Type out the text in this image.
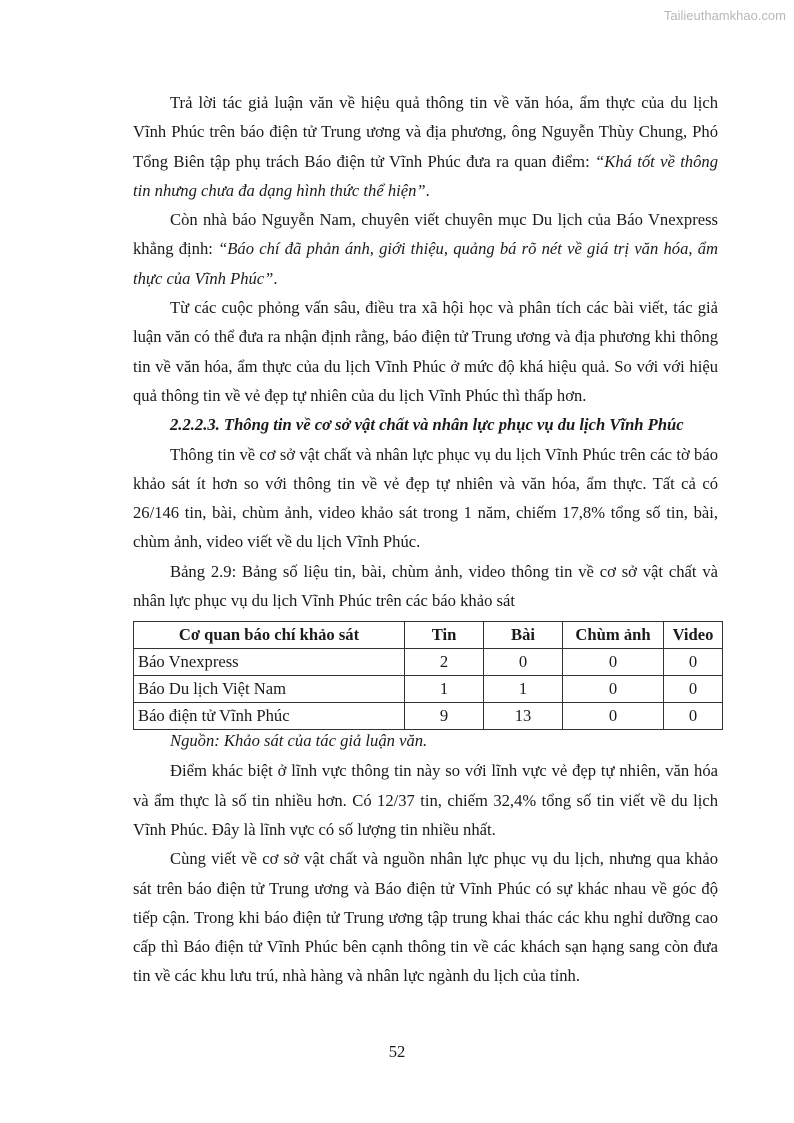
Tailieuthamkhao.com

Trả lời tác giả luận văn về hiệu quả thông tin về văn hóa, ẩm thực của du lịch Vĩnh Phúc trên báo điện tử Trung ương và địa phương, ông Nguyễn Thùy Chung, Phó Tổng Biên tập phụ trách Báo điện tử Vĩnh Phúc đưa ra quan điểm: “Khá tốt về thông tin nhưng chưa đa dạng hình thức thể hiện”.

Còn nhà báo Nguyễn Nam, chuyên viết chuyên mục Du lịch của Báo Vnexpress khẳng định: “Báo chí đã phản ánh, giới thiệu, quảng bá rõ nét về giá trị văn hóa, ẩm thực của Vĩnh Phúc”.

Từ các cuộc phỏng vấn sâu, điều tra xã hội học và phân tích các bài viết, tác giả luận văn có thể đưa ra nhận định rằng, báo điện tử Trung ương và địa phương khi thông tin về văn hóa, ẩm thực của du lịch Vĩnh Phúc ở mức độ khá hiệu quả. So với với hiệu quả thông tin về vẻ đẹp tự nhiên của du lịch Vĩnh Phúc thì thấp hơn.

2.2.2.3. Thông tin về cơ sở vật chất và nhân lực phục vụ du lịch Vĩnh Phúc

Thông tin về cơ sở vật chất và nhân lực phục vụ du lịch Vĩnh Phúc trên các tờ báo khảo sát ít hơn so với thông tin về vẻ đẹp tự nhiên và văn hóa, ẩm thực. Tất cả có 26/146 tin, bài, chùm ảnh, video khảo sát trong 1 năm, chiếm 17,8% tổng số tin, bài, chùm ảnh, video viết về du lịch Vĩnh Phúc.

Bảng 2.9: Bảng số liệu tin, bài, chùm ảnh, video thông tin về cơ sở vật chất và nhân lực phục vụ du lịch Vĩnh Phúc trên các báo khảo sát

Cơ quan báo chí khảo sát	Tin	Bài	Chùm ảnh	Video
Báo Vnexpress	2	0	0	0
Báo Du lịch Việt Nam	1	1	0	0
Báo điện tử Vĩnh Phúc	9	13	0	0
Nguồn: Khảo sát của tác giả luận văn.

Điểm khác biệt ở lĩnh vực thông tin này so với lĩnh vực vẻ đẹp tự nhiên, văn hóa và ẩm thực là số tin nhiều hơn. Có 12/37 tin, chiếm 32,4% tổng số tin viết về du lịch Vĩnh Phúc. Đây là lĩnh vực có số lượng tin nhiều nhất.

Cùng viết về cơ sở vật chất và nguồn nhân lực phục vụ du lịch, nhưng qua khảo sát trên báo điện tử Trung ương và Báo điện tử Vĩnh Phúc có sự khác nhau về góc độ tiếp cận. Trong khi báo điện tử Trung ương tập trung khai thác các khu nghỉ dưỡng cao cấp thì Báo điện tử Vĩnh Phúc bên cạnh thông tin về các khách sạn hạng sang còn đưa tin về các khu lưu trú, nhà hàng và nhân lực ngành du lịch của tỉnh.

52
